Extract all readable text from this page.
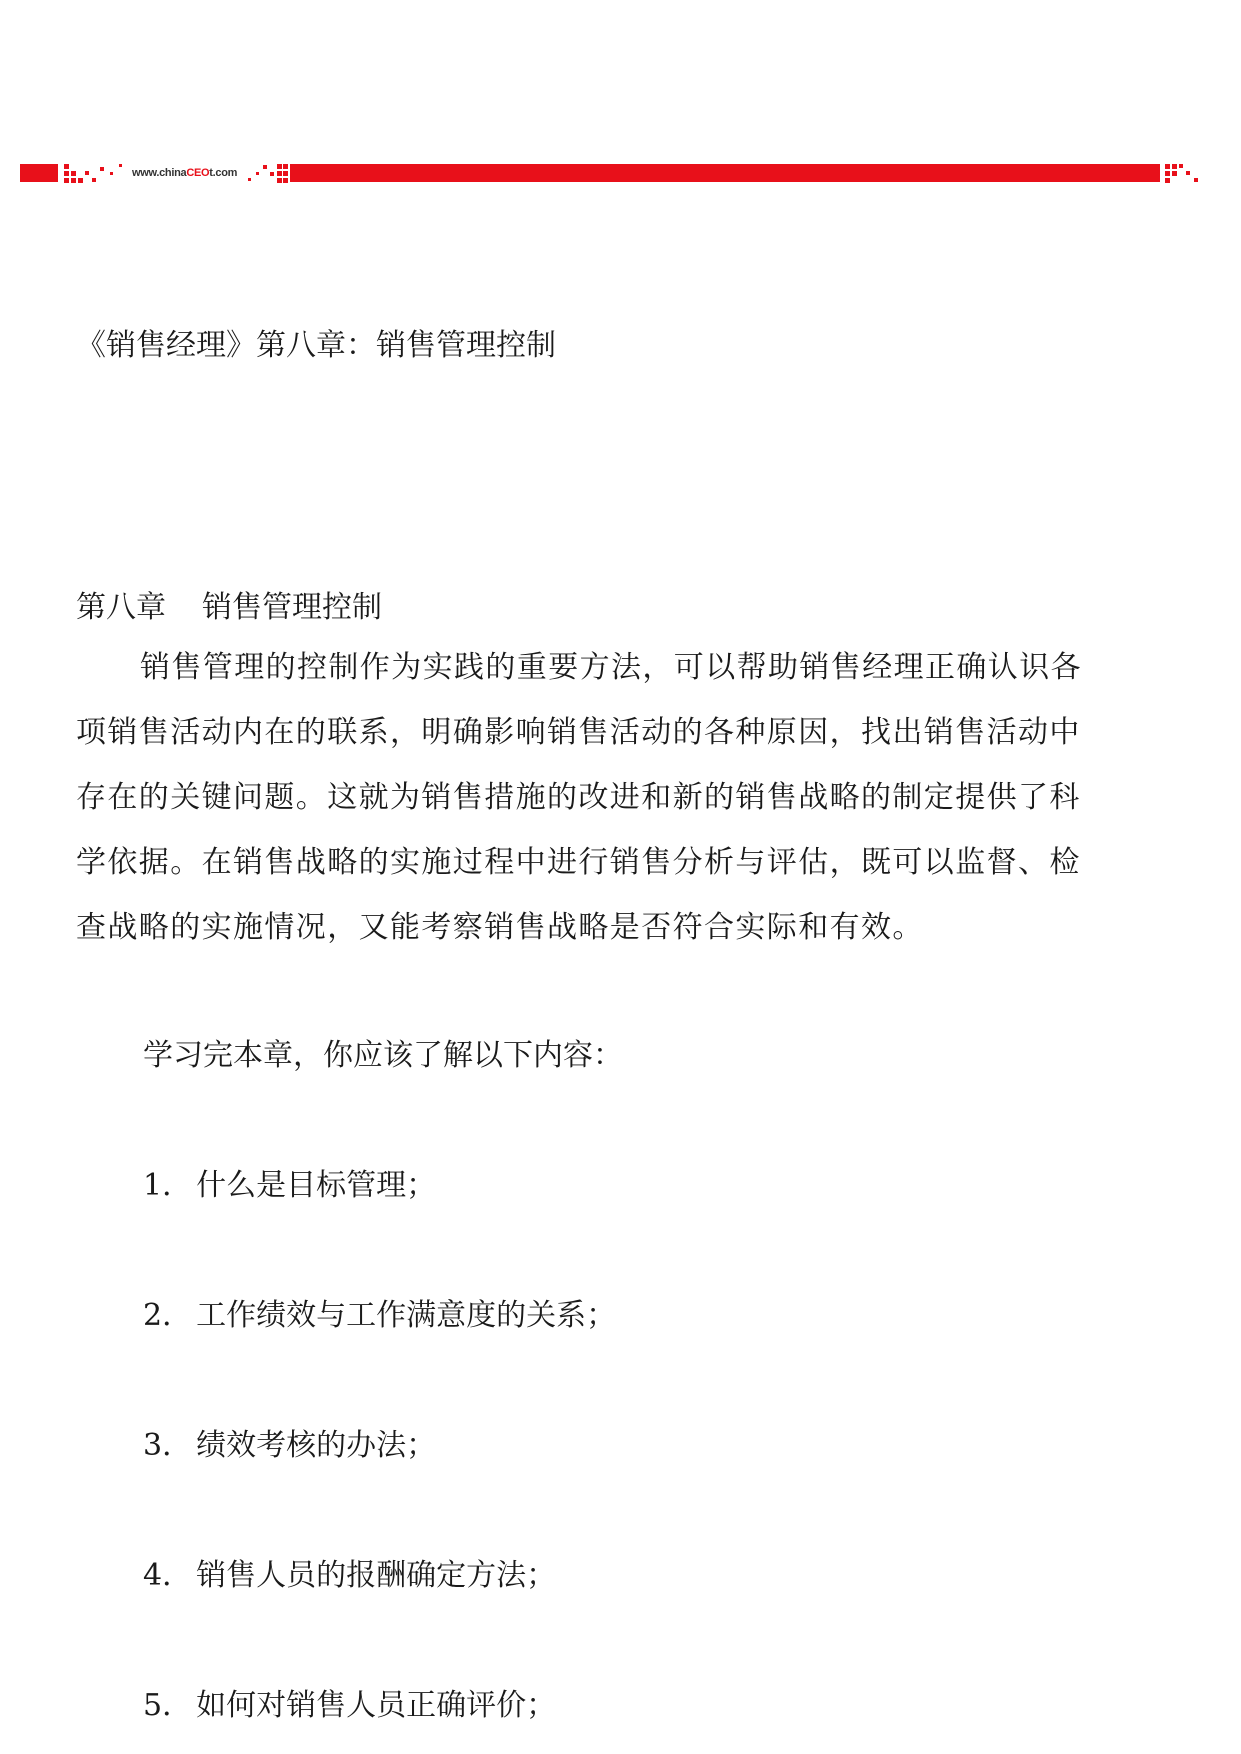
www.chinaCEOt.com
《销售经理》第八章：销售管理控制
第八章 销售管理控制
销售管理的控制作为实践的重要方法，可以帮助销售经理正确认识各
项销售活动内在的联系，明确影响销售活动的各种原因，找出销售活动中
存在的关键问题。这就为销售措施的改进和新的销售战略的制定提供了科
学依据。在销售战略的实施过程中进行销售分析与评估，既可以监督、检
查战略的实施情况，又能考察销售战略是否符合实际和有效。
学习完本章，你应该了解以下内容：
1． 什么是目标管理；
2． 工作绩效与工作满意度的关系；
3． 绩效考核的办法；
4． 销售人员的报酬确定方法；
5． 如何对销售人员正确评价；
